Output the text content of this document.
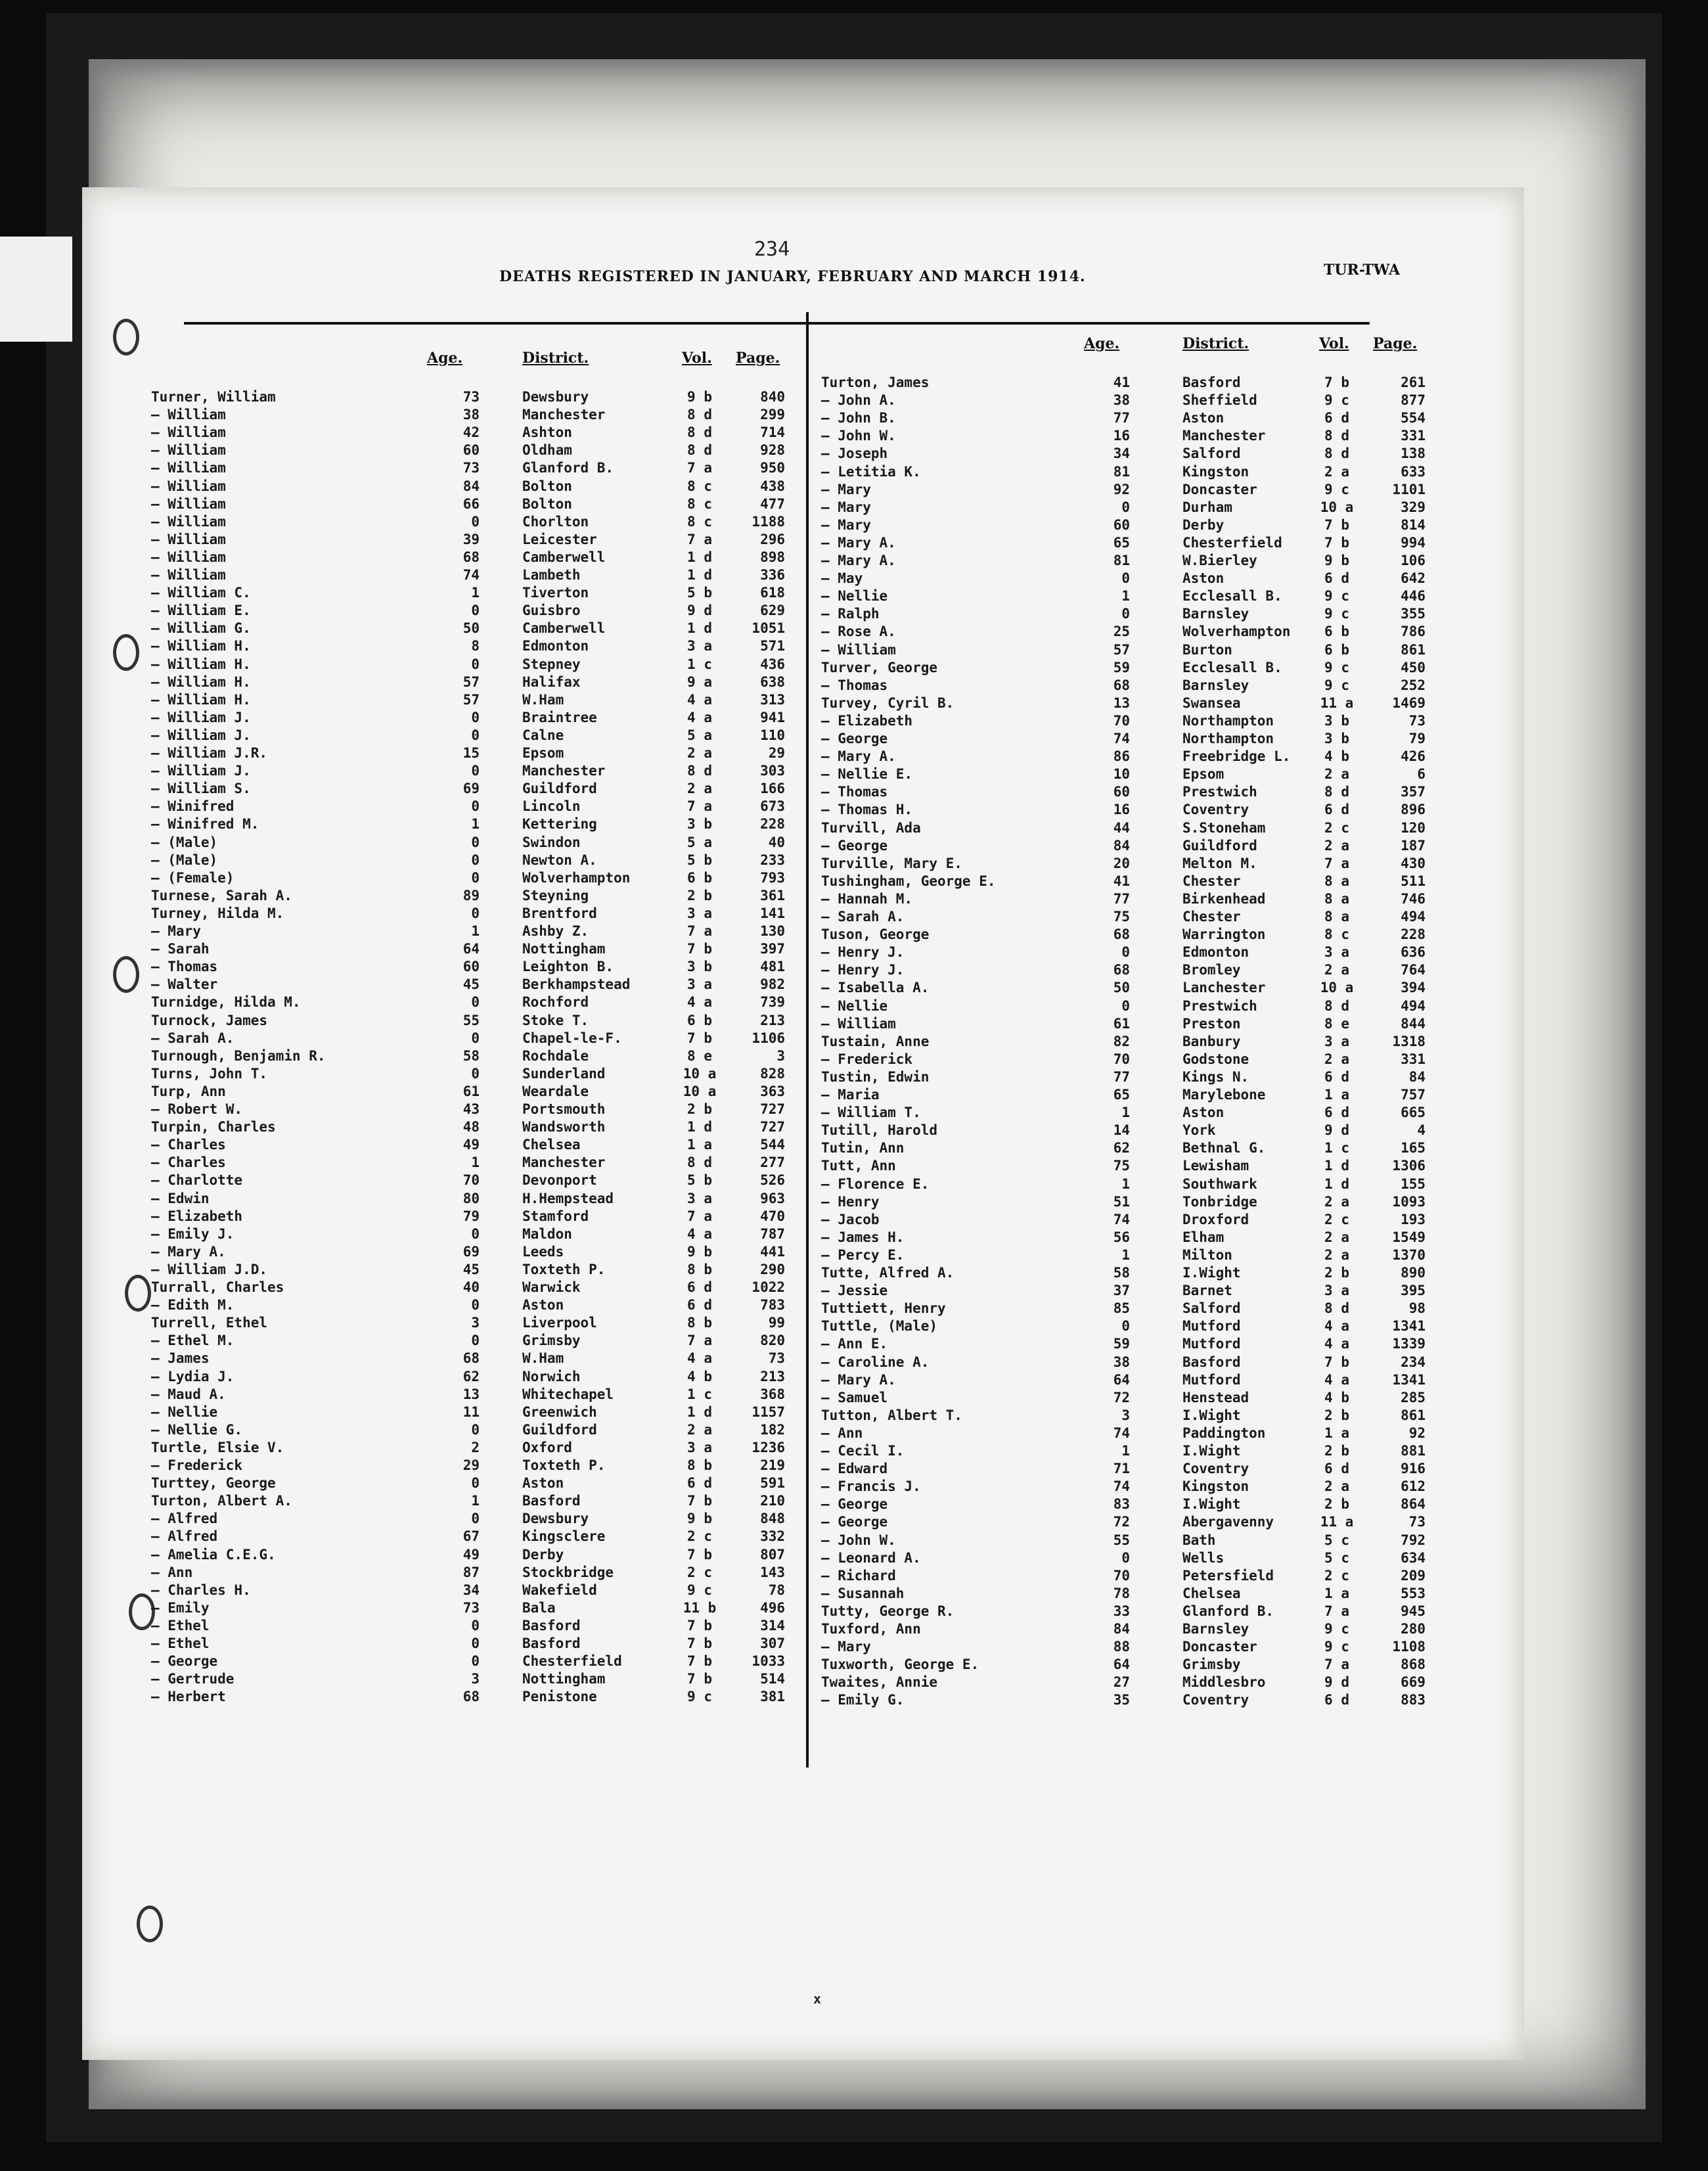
234
DEATHS REGISTERED IN JANUARY, FEBRUARY AND MARCH 1914.	TUR-TWA
Age.	District.	Vol. Page.
Turner, William	73	Dewsbury	9 b	840
— William	38	Manchester	8 d	299
— William	42	Ashton	8 d	714
— William	60	Oldham	8 d	928
— William	73	Glanford B.	7 a	950
— William	84	Bolton	8 c	438
— William	66	Bolton	8 c	477
— William	0	Chorlton	8 c	1188
— William	39	Leicester	7 a	296
— William	68	Camberwell	1 d	898
— William	74	Lambeth	1 d	336
— William C.	1	Tiverton	5 b	618
— William E.	0	Guisbro	9 d	629
— William G.	50	Camberwell	1 d	1051
— William H.	8	Edmonton	3 a	571
— William H.	0	Stepney	1 c	436
— William H.	57	Halifax	9 a	638
— William H.	57	W.Ham	4 a	313
— William J.	0	Braintree	4 a	941
— William J.	0	Calne	5 a	110
— William J.R.	15	Epsom	2 a	29
— William J.	0	Manchester	8 d	303
— William S.	69	Guildford	2 a	166
— Winifred	0	Lincoln	7 a	673
— Winifred M.	1	Kettering	3 b	228
— (Male)	0	Swindon	5 a	40
— (Male)	0	Newton A.	5 b	233
— (Female)	0	Wolverhampton	6 b	793
Turnese, Sarah A.	89	Steyning	2 b	361
Turney, Hilda M.	0	Brentford	3 a	141
— Mary	1	Ashby Z.	7 a	130
— Sarah	64	Nottingham	7 b	397
— Thomas	60	Leighton B.	3 b	481
— Walter	45	Berkhampstead	3 a	982
Turnidge, Hilda M.	0	Rochford	4 a	739
Turnock, James	55	Stoke T.	6 b	213
— Sarah A.	0	Chapel-le-F.	7 b	1106
Turnough, Benjamin R.	58	Rochdale	8 e	3
Turns, John T.	0	Sunderland	10 a	828
Turp, Ann	61	Weardale	10 a	363
— Robert W.	43	Portsmouth	2 b	727
Turpin, Charles	48	Wandsworth	1 d	727
— Charles	49	Chelsea	1 a	544
— Charles	1	Manchester	8 d	277
— Charlotte	70	Devonport	5 b	526
— Edwin	80	H.Hempstead	3 a	963
— Elizabeth	79	Stamford	7 a	470
— Emily J.	0	Maldon	4 a	787
— Mary A.	69	Leeds	9 b	441
— William J.D.	45	Toxteth P.	8 b	290
Turrall, Charles	40	Warwick	6 d	1022
— Edith M.	0	Aston	6 d	783
Turrell, Ethel	3	Liverpool	8 b	99
— Ethel M.	0	Grimsby	7 a	820
— James	68	W.Ham	4 a	73
— Lydia J.	62	Norwich	4 b	213
— Maud A.	13	Whitechapel	1 c	368
— Nellie	11	Greenwich	1 d	1157
— Nellie G.	0	Guildford	2 a	182
Turtle, Elsie V.	2	Oxford	3 a	1236
— Frederick	29	Toxteth P.	8 b	219
Turttey, George	0	Aston	6 d	591
Turton, Albert A.	1	Basford	7 b	210
— Alfred	0	Dewsbury	9 b	848
— Alfred	67	Kingsclere	2 c	332
— Amelia C.E.G.	49	Derby	7 b	807
— Ann	87	Stockbridge	2 c	143
— Charles H.	34	Wakefield	9 c	78
— Emily	73	Bala	11 b	496
— Ethel	0	Basford	7 b	314
— Ethel	0	Basford	7 b	307
— George	0	Chesterfield	7 b	1033
— Gertrude	3	Nottingham	7 b	514
— Herbert	68	Penistone	9 c	381
Age.	District.	Vol. Page.
Turton, James	41	Basford	7 b	261
— John A.	38	Sheffield	9 c	877
— John B.	77	Aston	6 d	554
— John W.	16	Manchester	8 d	331
— Joseph	34	Salford	8 d	138
— Letitia K.	81	Kingston	2 a	633
— Mary	92	Doncaster	9 c	1101
— Mary	0	Durham	10 a	329
— Mary	60	Derby	7 b	814
— Mary A.	65	Chesterfield	7 b	994
— Mary A.	81	W.Bierley	9 b	106
— May	0	Aston	6 d	642
— Nellie	1	Ecclesall B.	9 c	446
— Ralph	0	Barnsley	9 c	355
— Rose A.	25	Wolverhampton	6 b	786
— William	57	Burton	6 b	861
Turver, George	59	Ecclesall B.	9 c	450
— Thomas	68	Barnsley	9 c	252
Turvey, Cyril B.	13	Swansea	11 a	1469
— Elizabeth	70	Northampton	3 b	73
— George	74	Northampton	3 b	79
— Mary A.	86	Freebridge L.	4 b	426
— Nellie E.	10	Epsom	2 a	6
— Thomas	60	Prestwich	8 d	357
— Thomas H.	16	Coventry	6 d	896
Turvill, Ada	44	S.Stoneham	2 c	120
— George	84	Guildford	2 a	187
Turville, Mary E.	20	Melton M.	7 a	430
Tushingham, George E.	41	Chester	8 a	511
— Hannah M.	77	Birkenhead	8 a	746
— Sarah A.	75	Chester	8 a	494
Tuson, George	68	Warrington	8 c	228
— Henry J.	0	Edmonton	3 a	636
— Henry J.	68	Bromley	2 a	764
— Isabella A.	50	Lanchester	10 a	394
— Nellie	0	Prestwich	8 d	494
— William	61	Preston	8 e	844
Tustain, Anne	82	Banbury	3 a	1318
— Frederick	70	Godstone	2 a	331
Tustin, Edwin	77	Kings N.	6 d	84
— Maria	65	Marylebone	1 a	757
— William T.	1	Aston	6 d	665
Tutill, Harold	14	York	9 d	4
Tutin, Ann	62	Bethnal G.	1 c	165
Tutt, Ann	75	Lewisham	1 d	1306
— Florence E.	1	Southwark	1 d	155
— Henry	51	Tonbridge	2 a	1093
— Jacob	74	Droxford	2 c	193
— James H.	56	Elham	2 a	1549
— Percy E.	1	Milton	2 a	1370
Tutte, Alfred A.	58	I.Wight	2 b	890
— Jessie	37	Barnet	3 a	395
Tuttiett, Henry	85	Salford	8 d	98
Tuttle, (Male)	0	Mutford	4 a	1341
— Ann E.	59	Mutford	4 a	1339
— Caroline A.	38	Basford	7 b	234
— Mary A.	64	Mutford	4 a	1341
— Samuel	72	Henstead	4 b	285
Tutton, Albert T.	3	I.Wight	2 b	861
— Ann	74	Paddington	1 a	92
— Cecil I.	1	I.Wight	2 b	881
— Edward	71	Coventry	6 d	916
— Francis J.	74	Kingston	2 a	612
— George	83	I.Wight	2 b	864
— George	72	Abergavenny	11 a	73
— John W.	55	Bath	5 c	792
— Leonard A.	0	Wells	5 c	634
— Richard	70	Petersfield	2 c	209
— Susannah	78	Chelsea	1 a	553
Tutty, George R.	33	Glanford B.	7 a	945
Tuxford, Ann	84	Barnsley	9 c	280
— Mary	88	Doncaster	9 c	1108
Tuxworth, George E.	64	Grimsby	7 a	868
Twaites, Annie	27	Middlesbro	9 d	669
— Emily G.	35	Coventry	6 d	883
x
